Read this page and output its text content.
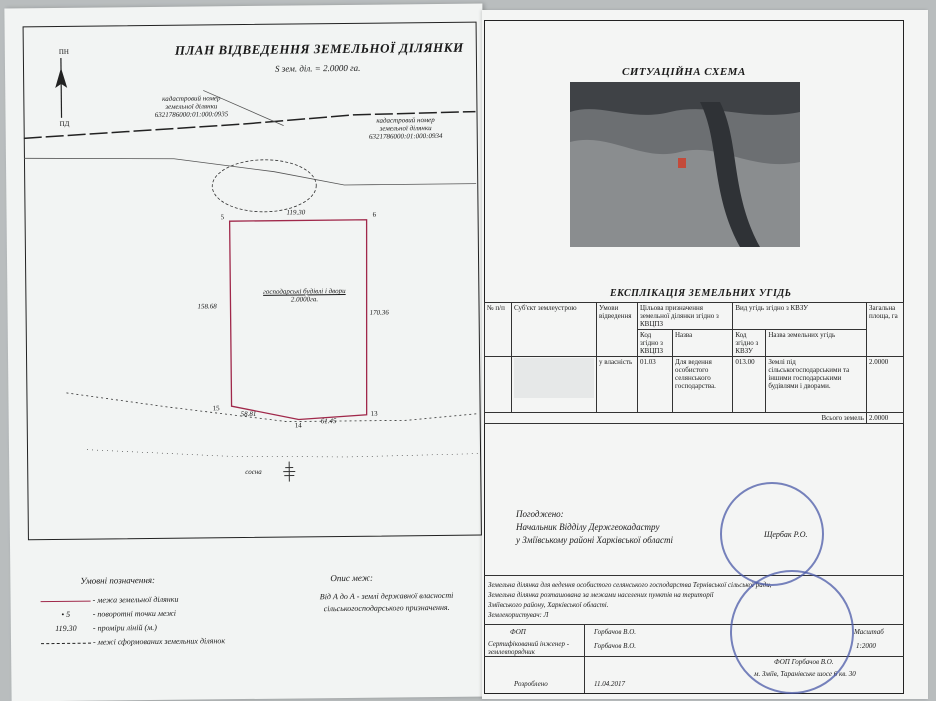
ПН
ПД
ПЛАН ВІДВЕДЕННЯ ЗЕМЕЛЬНОЇ ДІЛЯНКИ
S зем. діл. = 2.0000 га.
кадастровий номер
земельної ділянки
6321786000:01:000:0935
кадастровий номер
земельної ділянки
6321786000:01:000:0934
119.30
158.68
170.36
58.81
61.45
5	6
13
14
15
господарські будівлі і двори
2.0000га.
сосна
Умовні позначення:
- межа земельної ділянки
• 5	- поворотні точки межі
119.30 - проміри ліній (м.)
- межі сформованих земельних ділянок
Опис меж:
Від А до А - землі державної власності
сільськогосподарського призначення.
СИТУАЦІЙНА СХЕМА
ЕКСПЛІКАЦІЯ ЗЕМЕЛЬНИХ УГІДЬ
№ п/п	Суб'єкт землеустрою	Умови відведення	Цільова призначення земельної ділянки згідно з КВЦПЗ		Вид угідь згідно з КВЗУ		Загальна площа, га
			Код згідно з КВЦПЗ	Назва	Код згідно з КВЗУ	Назва земельних угідь	

	у власність	01.03	Для ведення особистого селянського господарства.	013.00	Землі під сільськогосподарськими та іншими господарськими будівлями і дворами.	2.0000
Всього земель							2.0000
Погоджено:
Начальник Відділу Держгеокадастру
у Зміївському районі Харківської області
Щербак Р.О.
Земельна ділянка для ведення особистого селянського господарства Тернівської сільської ради,
Земельна ділянка розташована за межами населених пунктів на території
Зміївського району, Харківської області.
Землекористувач: Л
ФОП	Горбачов В.О.
Сертифікований інженер - землевпорядник
Горбачов В.О.
Масштаб
1:2000
ФОП Горбачов В.О.
м. Зміїв, Таранівське шосе 6 кв. 30
Розроблено	11.04.2017
